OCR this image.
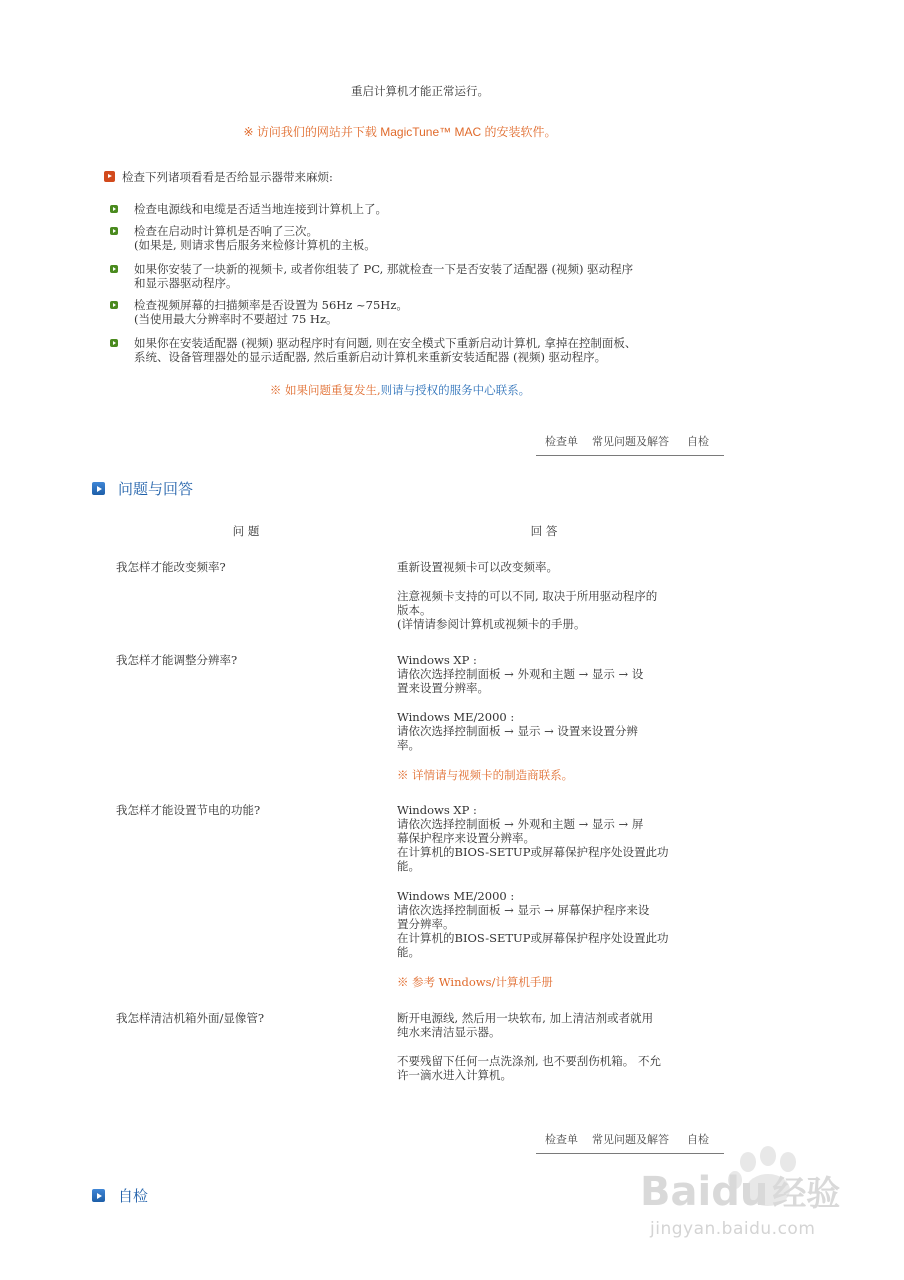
重启计算机才能正常运行。
※ 访问我们的网站并下载 MagicTune™ MAC 的安装软件。
检查下列诸项看看是否给显示器带来麻烦:
检查电源线和电缆是否适当地连接到计算机上了。
检查在启动时计算机是否响了三次。
(如果是, 则请求售后服务来检修计算机的主板。
如果你安装了一块新的视频卡, 或者你组装了 PC, 那就检查一下是否安装了适配器 (视频) 驱动程序
和显示器驱动程序。
检查视频屏幕的扫描频率是否设置为 56Hz ~75Hz。
(当使用最大分辨率时不要超过 75 Hz。
如果你在安装适配器 (视频) 驱动程序时有问题, 则在安全模式下重新启动计算机, 拿掉在控制面板、
系统、设备管理器处的显示适配器, 然后重新启动计算机来重新安装适配器 (视频) 驱动程序。
※ 如果问题重复发生,则请与授权的服务中心联系。
检查单 常见问题及解答 自检
问题与回答
问 题	回 答
我怎样才能改变频率?	重新设置视频卡可以改变频率。
注意视频卡支持的可以不同, 取决于所用驱动程序的
版本。
(详情请参阅计算机或视频卡的手册。
我怎样才能调整分辨率?	Windows XP :
请依次选择控制面板 → 外观和主题 → 显示 → 设
置来设置分辨率。
Windows ME/2000 :
请依次选择控制面板 → 显示 → 设置来设置分辨
率。
※ 详情请与视频卡的制造商联系。
我怎样才能设置节电的功能?	Windows XP :
请依次选择控制面板 → 外观和主题 → 显示 → 屏
幕保护程序来设置分辨率。
在计算机的BIOS-SETUP或屏幕保护程序处设置此功
能。
Windows ME/2000 :
请依次选择控制面板 → 显示 → 屏幕保护程序来设
置分辨率。
在计算机的BIOS-SETUP或屏幕保护程序处设置此功
能。
※ 参考 Windows/计算机手册
我怎样清洁机箱外面/显像管?	断开电源线, 然后用一块软布, 加上清洁剂或者就用
纯水来清洁显示器。
不要残留下任何一点洗涤剂, 也不要刮伤机箱。 不允
许一滴水进入计算机。
检查单 常见问题及解答 自检
自检	Baidu 经验
jingyan.baidu.com
